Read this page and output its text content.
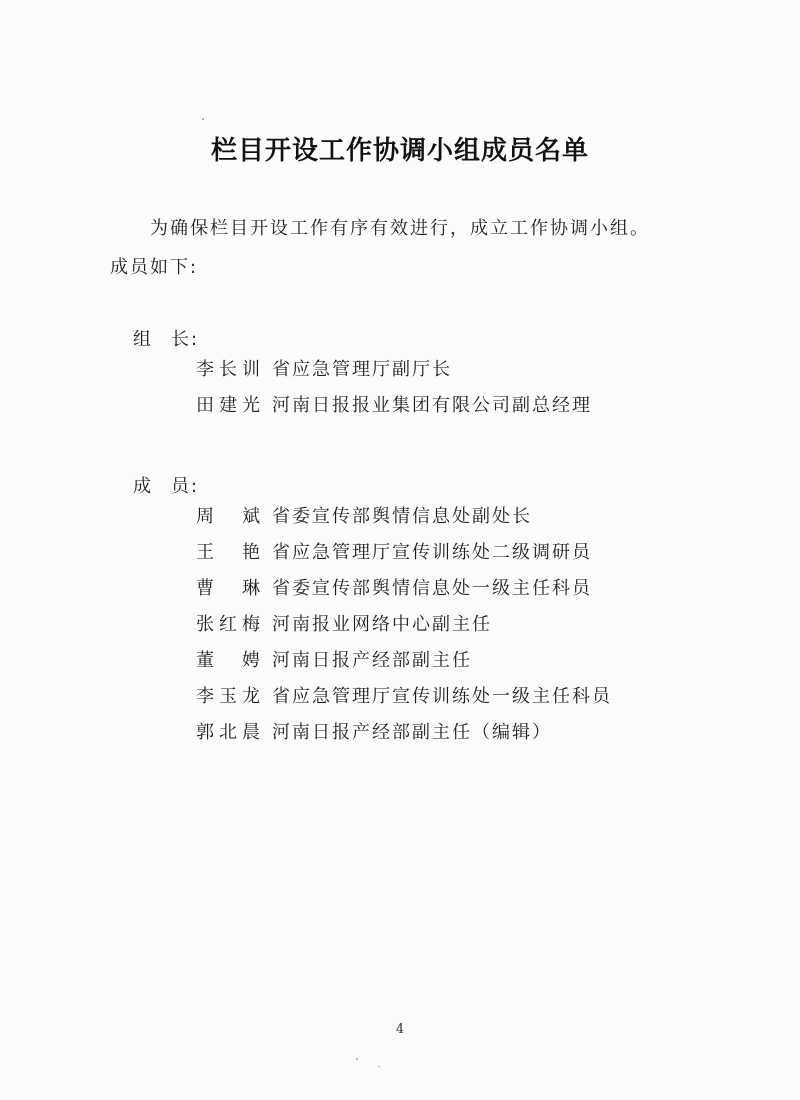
栏目开设工作协调小组成员名单
为确保栏目开设工作有序有效进行，成立工作协调小组。
成员如下:
组 长:
李长训 省应急管理厅副厅长
田建光 河南日报报业集团有限公司副总经理
成 员:
周斌 省委宣传部舆情信息处副处长
王艳 省应急管理厅宣传训练处二级调研员
曹琳 省委宣传部舆情信息处一级主任科员
张红梅 河南报业网络中心副主任
董娉 河南日报产经部副主任
李玉龙 省应急管理厅宣传训练处一级主任科员
郭北晨 河南日报产经部副主任（编辑）
4
